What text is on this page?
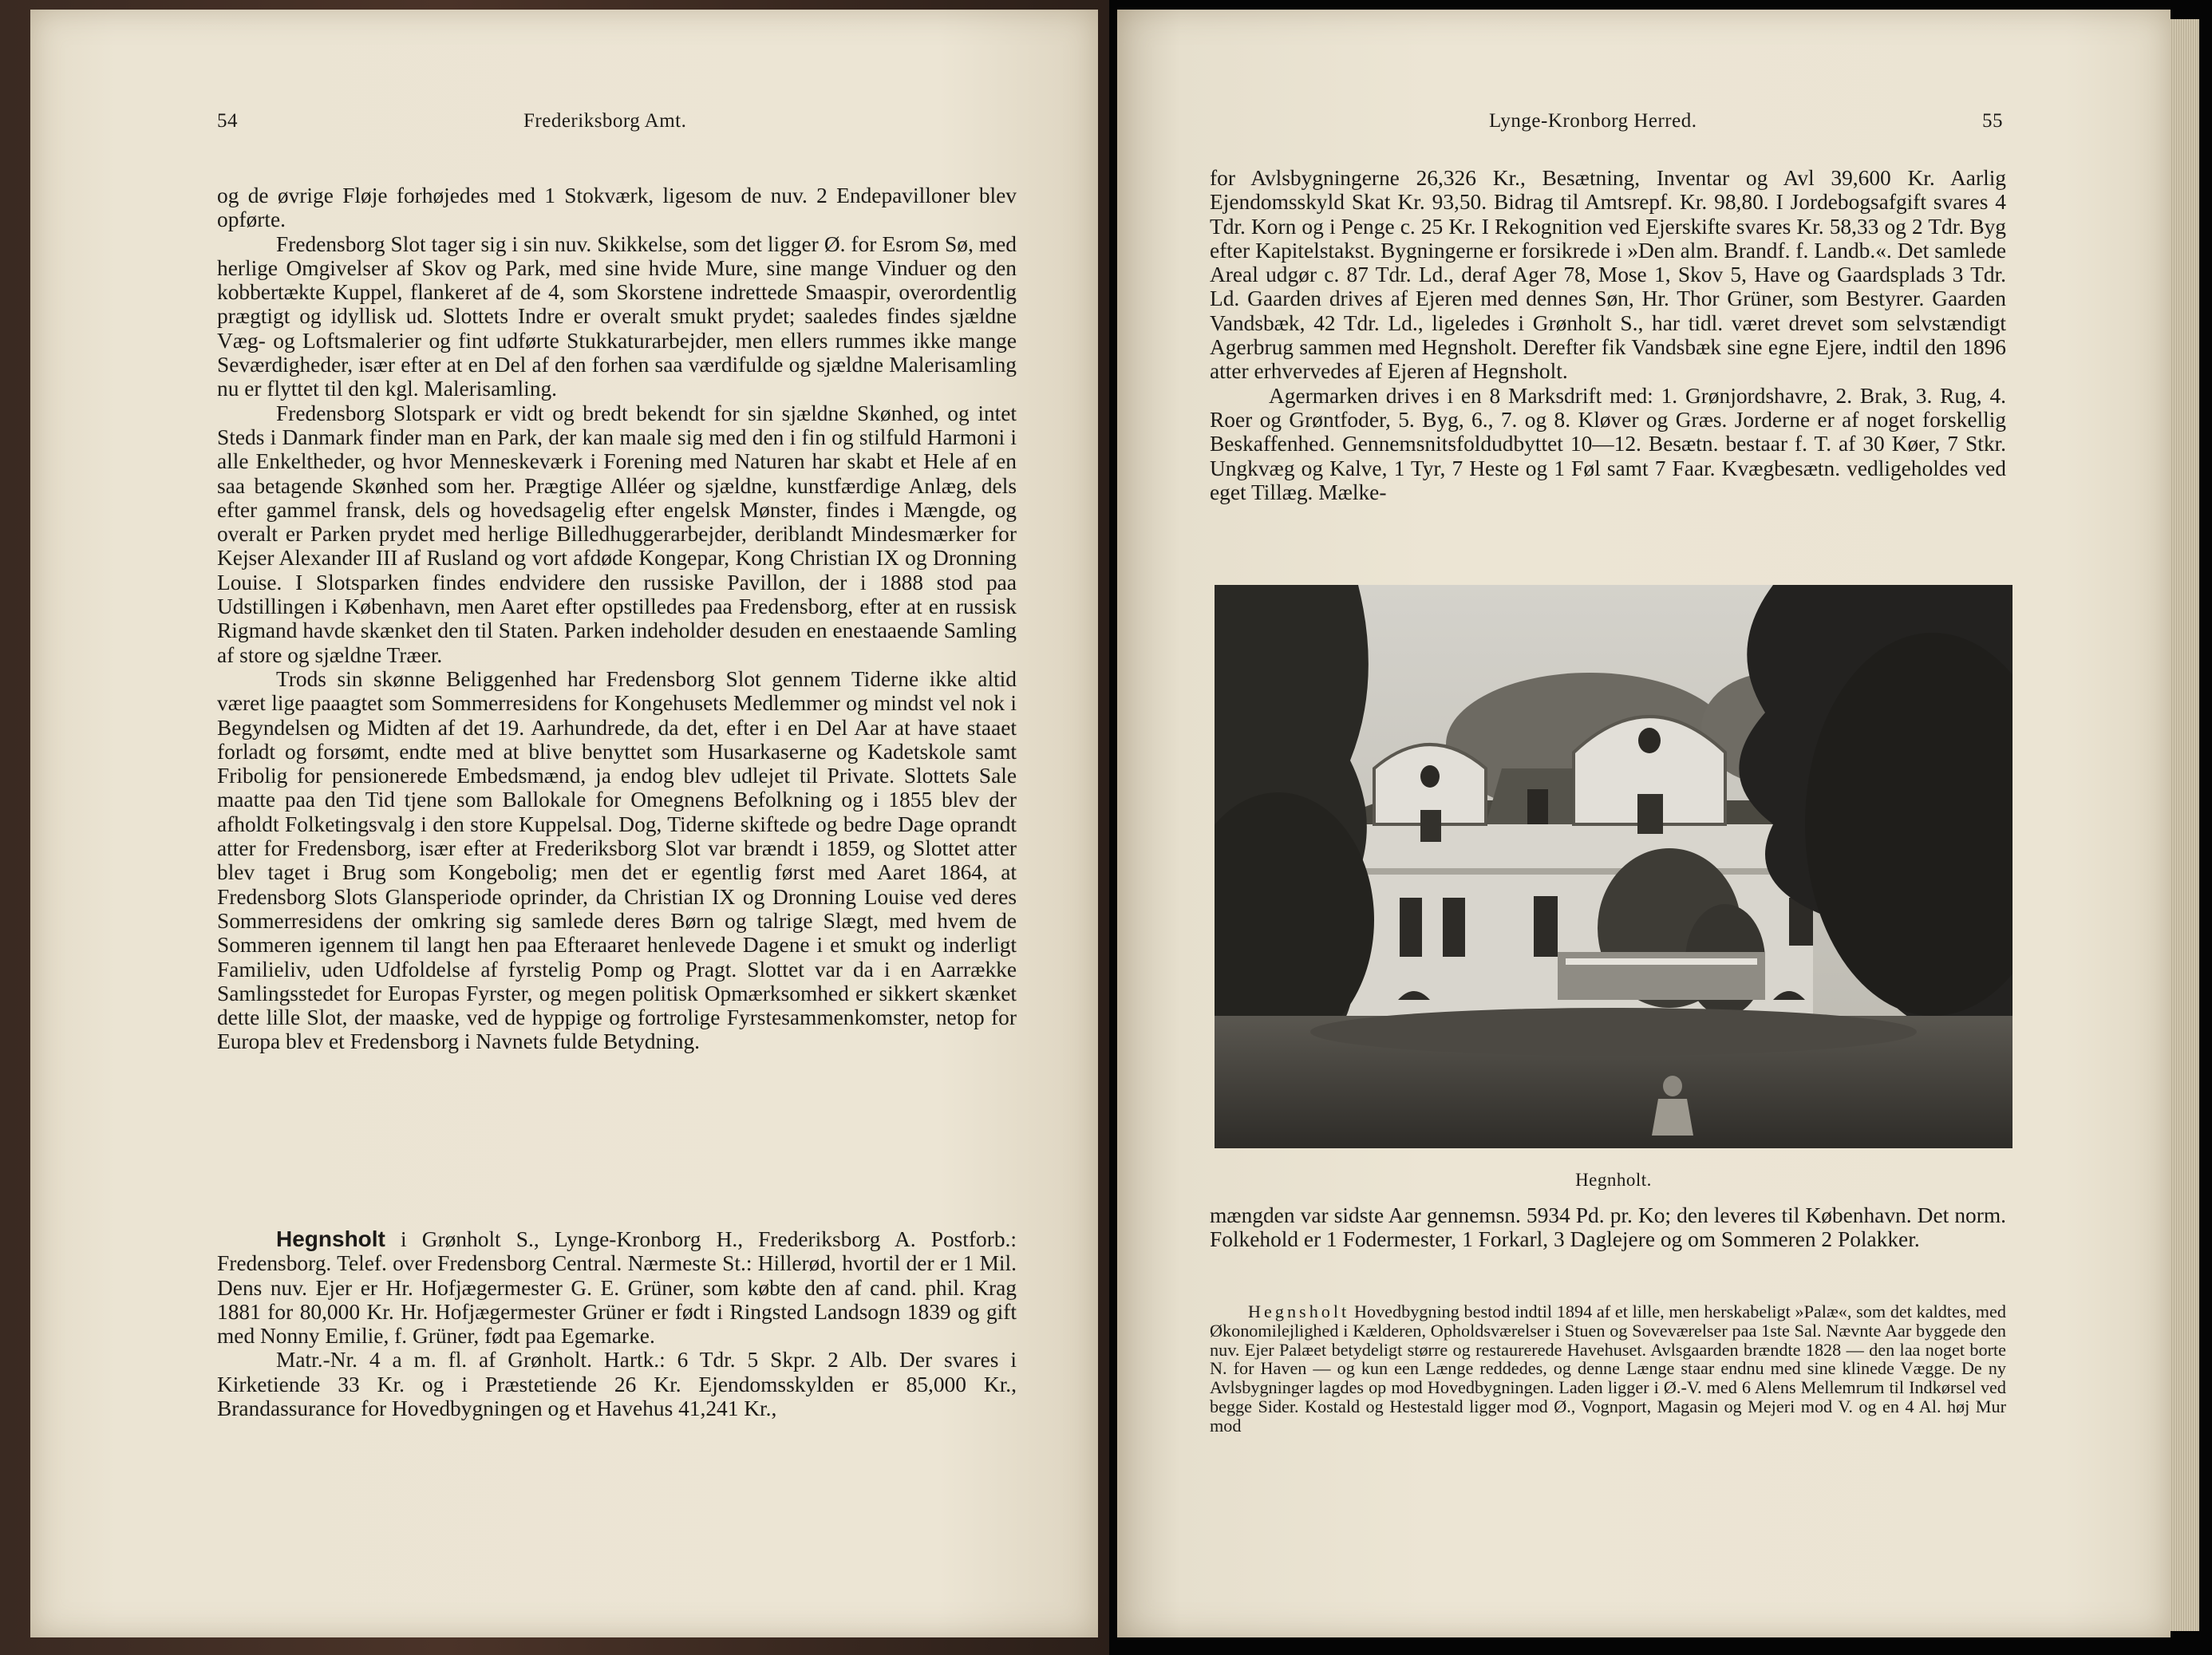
54	Frederiksborg Amt.

og de øvrige Fløje forhøjedes med 1 Stokværk, ligesom de nuv. 2 Endepavilloner blev opførte.

Fredensborg Slot tager sig i sin nuv. Skikkelse, som det ligger Ø. for Esrom Sø, med herlige Omgivelser af Skov og Park, med sine hvide Mure, sine mange Vinduer og den kobbertækte Kuppel, flankeret af de 4, som Skorstene indrettede Smaaspir, overordentlig prægtigt og idyllisk ud. Slottets Indre er overalt smukt prydet; saaledes findes sjældne Væg- og Loftsmalerier og fint udførte Stukkaturarbejder, men ellers rummes ikke mange Seværdigheder, især efter at en Del af den forhen saa værdifulde og sjældne Malerisamling nu er flyttet til den kgl. Malerisamling.

Fredensborg Slotspark er vidt og bredt bekendt for sin sjældne Skønhed, og intet Steds i Danmark finder man en Park, der kan maale sig med den i fin og stilfuld Harmoni i alle Enkeltheder, og hvor Menneskeværk i Forening med Naturen har skabt et Hele af en saa betagende Skønhed som her. Prægtige Alléer og sjældne, kunstfærdige Anlæg, dels efter gammel fransk, dels og hovedsagelig efter engelsk Mønster, findes i Mængde, og overalt er Parken prydet med herlige Billedhuggerarbejder, deriblandt Mindesmærker for Kejser Alexander III af Rusland og vort afdøde Kongepar, Kong Christian IX og Dronning Louise. I Slotsparken findes endvidere den russiske Pavillon, der i 1888 stod paa Udstillingen i København, men Aaret efter opstilledes paa Fredensborg, efter at en russisk Rigmand havde skænket den til Staten. Parken indeholder desuden en enestaaende Samling af store og sjældne Træer.

Trods sin skønne Beliggenhed har Fredensborg Slot gennem Tiderne ikke altid været lige paaagtet som Sommerresidens for Kongehusets Medlemmer og mindst vel nok i Begyndelsen og Midten af det 19. Aarhundrede, da det, efter i en Del Aar at have staaet forladt og forsømt, endte med at blive benyttet som Husarkaserne og Kadetskole samt Fribolig for pensionerede Embedsmænd, ja endog blev udlejet til Private. Slottets Sale maatte paa den Tid tjene som Ballokale for Omegnens Befolkning og i 1855 blev der afholdt Folketingsvalg i den store Kuppelsal. Dog, Tiderne skiftede og bedre Dage oprandt atter for Fredensborg, især efter at Frederiksborg Slot var brændt i 1859, og Slottet atter blev taget i Brug som Kongebolig; men det er egentlig først med Aaret 1864, at Fredensborg Slots Glansperiode oprinder, da Christian IX og Dronning Louise ved deres Sommerresidens der omkring sig samlede deres Børn og talrige Slægt, med hvem de Sommeren igennem til langt hen paa Efteraaret henlevede Dagene i et smukt og inderligt Familieliv, uden Udfoldelse af fyrstelig Pomp og Pragt. Slottet var da i en Aarrække Samlingsstedet for Europas Fyrster, og megen politisk Opmærksomhed er sikkert skænket dette lille Slot, der maaske, ved de hyppige og fortrolige Fyrstesammenkomster, netop for Europa blev et Fredensborg i Navnets fulde Betydning.

Hegnsholt i Grønholt S., Lynge-Kronborg H., Frederiksborg A. Postforb.: Fredensborg. Telef. over Fredensborg Central. Nærmeste St.: Hillerød, hvortil der er 1 Mil. Dens nuv. Ejer er Hr. Hofjægermester G. E. Grüner, som købte den af cand. phil. Krag 1881 for 80,000 Kr. Hr. Hofjægermester Grüner er født i Ringsted Landsogn 1839 og gift med Nonny Emilie, f. Grüner, født paa Egemarke.

Matr.-Nr. 4 a m. fl. af Grønholt. Hartk.: 6 Tdr. 5 Skpr. 2 Alb. Der svares i Kirketiende 33 Kr. og i Præstetiende 26 Kr. Ejendomsskylden er 85,000 Kr., Brandassurance for Hovedbygningen og et Havehus 41,241 Kr.,

Lynge-Kronborg Herred.	55

for Avlsbygningerne 26,326 Kr., Besætning, Inventar og Avl 39,600 Kr. Aarlig Ejendomsskyld Skat Kr. 93,50. Bidrag til Amtsrepf. Kr. 98,80. I Jordebogsafgift svares 4 Tdr. Korn og i Penge c. 25 Kr. I Rekognition ved Ejerskifte svares Kr. 58,33 og 2 Tdr. Byg efter Kapitelstakst. Bygningerne er forsikrede i »Den alm. Brandf. f. Landb.«. Det samlede Areal udgør c. 87 Tdr. Ld., deraf Ager 78, Mose 1, Skov 5, Have og Gaardsplads 3 Tdr. Ld. Gaarden drives af Ejeren med dennes Søn, Hr. Thor Grüner, som Bestyrer. Gaarden Vandsbæk, 42 Tdr. Ld., ligeledes i Grønholt S., har tidl. været drevet som selvstændigt Agerbrug sammen med Hegnsholt. Derefter fik Vandsbæk sine egne Ejere, indtil den 1896 atter erhvervedes af Ejeren af Hegnsholt.

Agermarken drives i en 8 Marksdrift med: 1. Grønjordshavre, 2. Brak, 3. Rug, 4. Roer og Grøntfoder, 5. Byg, 6., 7. og 8. Kløver og Græs. Jorderne er af noget forskellig Beskaffenhed. Gennemsnitsfoldudbyttet 10—12. Besætn. bestaar f. T. af 30 Køer, 7 Stkr. Ungkvæg og Kalve, 1 Tyr, 7 Heste og 1 Føl samt 7 Faar. Kvægbesætn. vedligeholdes ved eget Tillæg. Mælke-

Hegnholt.

mængden var sidste Aar gennemsn. 5934 Pd. pr. Ko; den leveres til København. Det norm. Folkehold er 1 Fodermester, 1 Forkarl, 3 Daglejere og om Sommeren 2 Polakker.

Hegnsholt Hovedbygning bestod indtil 1894 af et lille, men herskabeligt »Palæ«, som det kaldtes, med Økonomilejlighed i Kælderen, Opholdsværelser i Stuen og Soveværelser paa 1ste Sal. Nævnte Aar byggede den nuv. Ejer Palæet betydeligt større og restaurerede Havehuset. Avlsgaarden brændte 1828 — den laa noget borte N. for Haven — og kun een Længe reddedes, og denne Længe staar endnu med sine klinede Vægge. De ny Avlsbygninger lagdes op mod Hovedbygningen. Laden ligger i Ø.-V. med 6 Alens Mellemrum til Indkørsel ved begge Sider. Kostald og Hestestald ligger mod Ø., Vognport, Magasin og Mejeri mod V. og en 4 Al. høj Mur mod
